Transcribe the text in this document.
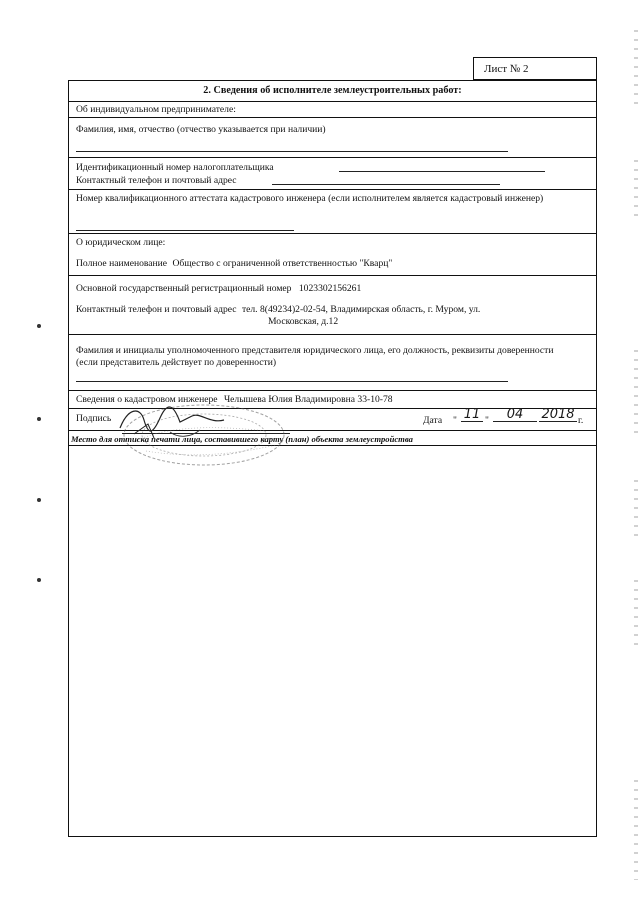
Лист № 2
2. Сведения об исполнителе землеустроительных работ:
Об индивидуальном предпринимателе:
Фамилия, имя, отчество (отчество указывается при наличии)
Идентификационный номер налогоплательщика
Контактный телефон и почтовый адрес
Номер квалификационного аттестата кадастрового инженера (если исполнителем является кадастровый инженер)
О юридическом лице:
Полное наименование Общество с ограниченной ответственностью "Кварц"
Основной государственный регистрационный номер 1023302156261
Контактный телефон и почтовый адрес тел. 8(49234)2-02-54, Владимирская область, г. Муром, ул.
Московская, д.12
Фамилия и инициалы уполномоченного представителя юридического лица, его должность, реквизиты доверенности (если представитель действует по доверенности)
Сведения о кадастровом инженере Челышева Юлия Владимировна 33-10-78
Подпись	Дата " 11 "	04	2018 г.
Место для оттиска печати лица, составившего карту (план) объекта землеустройства
